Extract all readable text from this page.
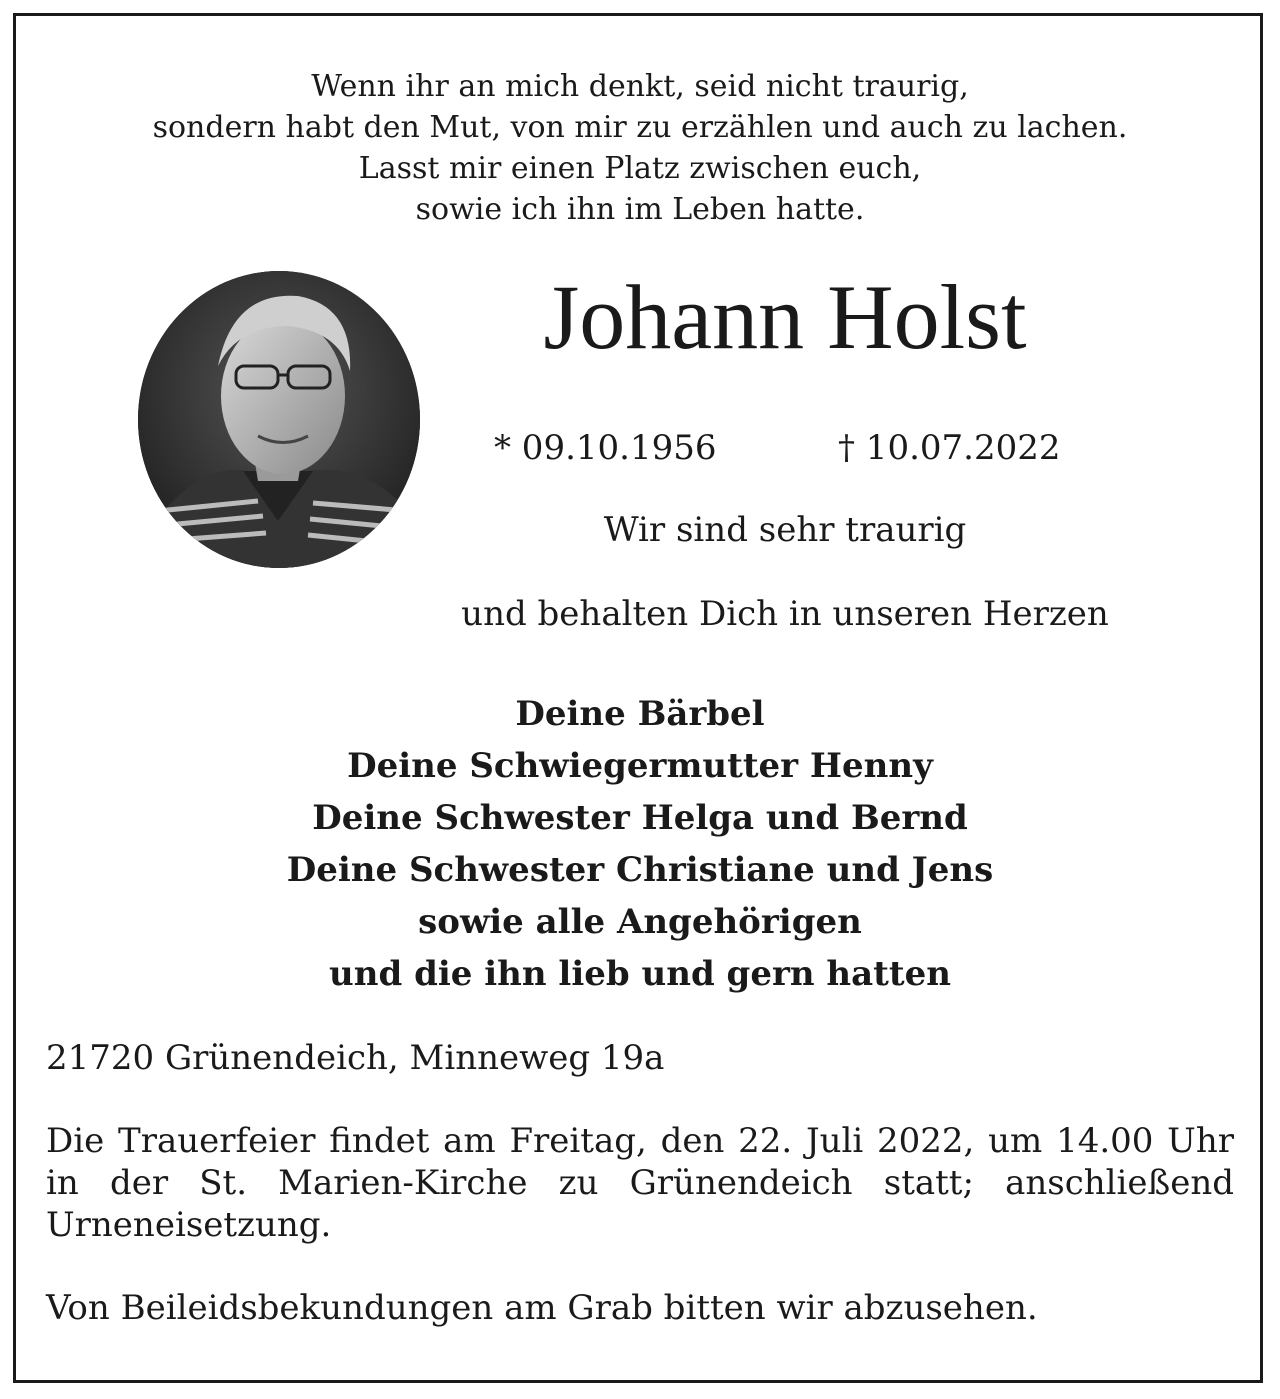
Wenn ihr an mich denkt, seid nicht traurig,
sondern habt den Mut, von mir zu erzählen und auch zu lachen.
Lasst mir einen Platz zwischen euch,
sowie ich ihn im Leben hatte.
Johann Holst
* 09.10.1956	† 10.07.2022
Wir sind sehr traurig
und behalten Dich in unseren Herzen
Deine Bärbel
Deine Schwiegermutter Henny
Deine Schwester Helga und Bernd
Deine Schwester Christiane und Jens
sowie alle Angehörigen
und die ihn lieb und gern hatten
21720 Grünendeich, Minneweg 19a
Die Trauerfeier findet am Freitag, den 22. Juli 2022, um 14.00 Uhr in der St. Marien-Kirche zu Grünendeich statt; anschließend Urneneisetzung.
Von Beileidsbekundungen am Grab bitten wir abzusehen.
